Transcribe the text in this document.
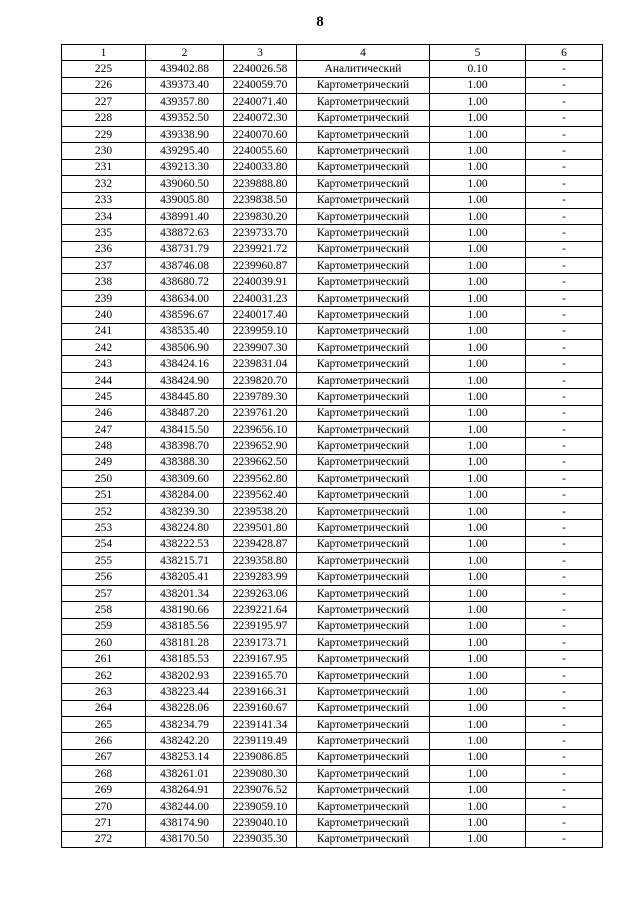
8
1	2	3	4	5	6
225	439402.88	2240026.58	Аналитический	0.10	-
226	439373.40	2240059.70	Картометрический	1.00	-
227	439357.80	2240071.40	Картометрический	1.00	-
228	439352.50	2240072.30	Картометрический	1.00	-
229	439338.90	2240070.60	Картометрический	1.00	-
230	439295.40	2240055.60	Картометрический	1.00	-
231	439213.30	2240033.80	Картометрический	1.00	-
232	439060.50	2239888.80	Картометрический	1.00	-
233	439005.80	2239838.50	Картометрический	1.00	-
234	438991.40	2239830.20	Картометрический	1.00	-
235	438872.63	2239733.70	Картометрический	1.00	-
236	438731.79	2239921.72	Картометрический	1.00	-
237	438746.08	2239960.87	Картометрический	1.00	-
238	438680.72	2240039.91	Картометрический	1.00	-
239	438634.00	2240031.23	Картометрический	1.00	-
240	438596.67	2240017.40	Картометрический	1.00	-
241	438535.40	2239959.10	Картометрический	1.00	-
242	438506.90	2239907.30	Картометрический	1.00	-
243	438424.16	2239831.04	Картометрический	1.00	-
244	438424.90	2239820.70	Картометрический	1.00	-
245	438445.80	2239789.30	Картометрический	1.00	-
246	438487.20	2239761.20	Картометрический	1.00	-
247	438415.50	2239656.10	Картометрический	1.00	-
248	438398.70	2239652.90	Картометрический	1.00	-
249	438388.30	2239662.50	Картометрический	1.00	-
250	438309.60	2239562.80	Картометрический	1.00	-
251	438284.00	2239562.40	Картометрический	1.00	-
252	438239.30	2239538.20	Картометрический	1.00	-
253	438224.80	2239501.80	Картометрический	1.00	-
254	438222.53	2239428.87	Картометрический	1.00	-
255	438215.71	2239358.80	Картометрический	1.00	-
256	438205.41	2239283.99	Картометрический	1.00	-
257	438201.34	2239263.06	Картометрический	1.00	-
258	438190.66	2239221.64	Картометрический	1.00	-
259	438185.56	2239195.97	Картометрический	1.00	-
260	438181.28	2239173.71	Картометрический	1.00	-
261	438185.53	2239167.95	Картометрический	1.00	-
262	438202.93	2239165.70	Картометрический	1.00	-
263	438223.44	2239166.31	Картометрический	1.00	-
264	438228.06	2239160.67	Картометрический	1.00	-
265	438234.79	2239141.34	Картометрический	1.00	-
266	438242.20	2239119.49	Картометрический	1.00	-
267	438253.14	2239086.85	Картометрический	1.00	-
268	438261.01	2239080.30	Картометрический	1.00	-
269	438264.91	2239076.52	Картометрический	1.00	-
270	438244.00	2239059.10	Картометрический	1.00	-
271	438174.90	2239040.10	Картометрический	1.00	-
272	438170.50	2239035.30	Картометрический	1.00	-
